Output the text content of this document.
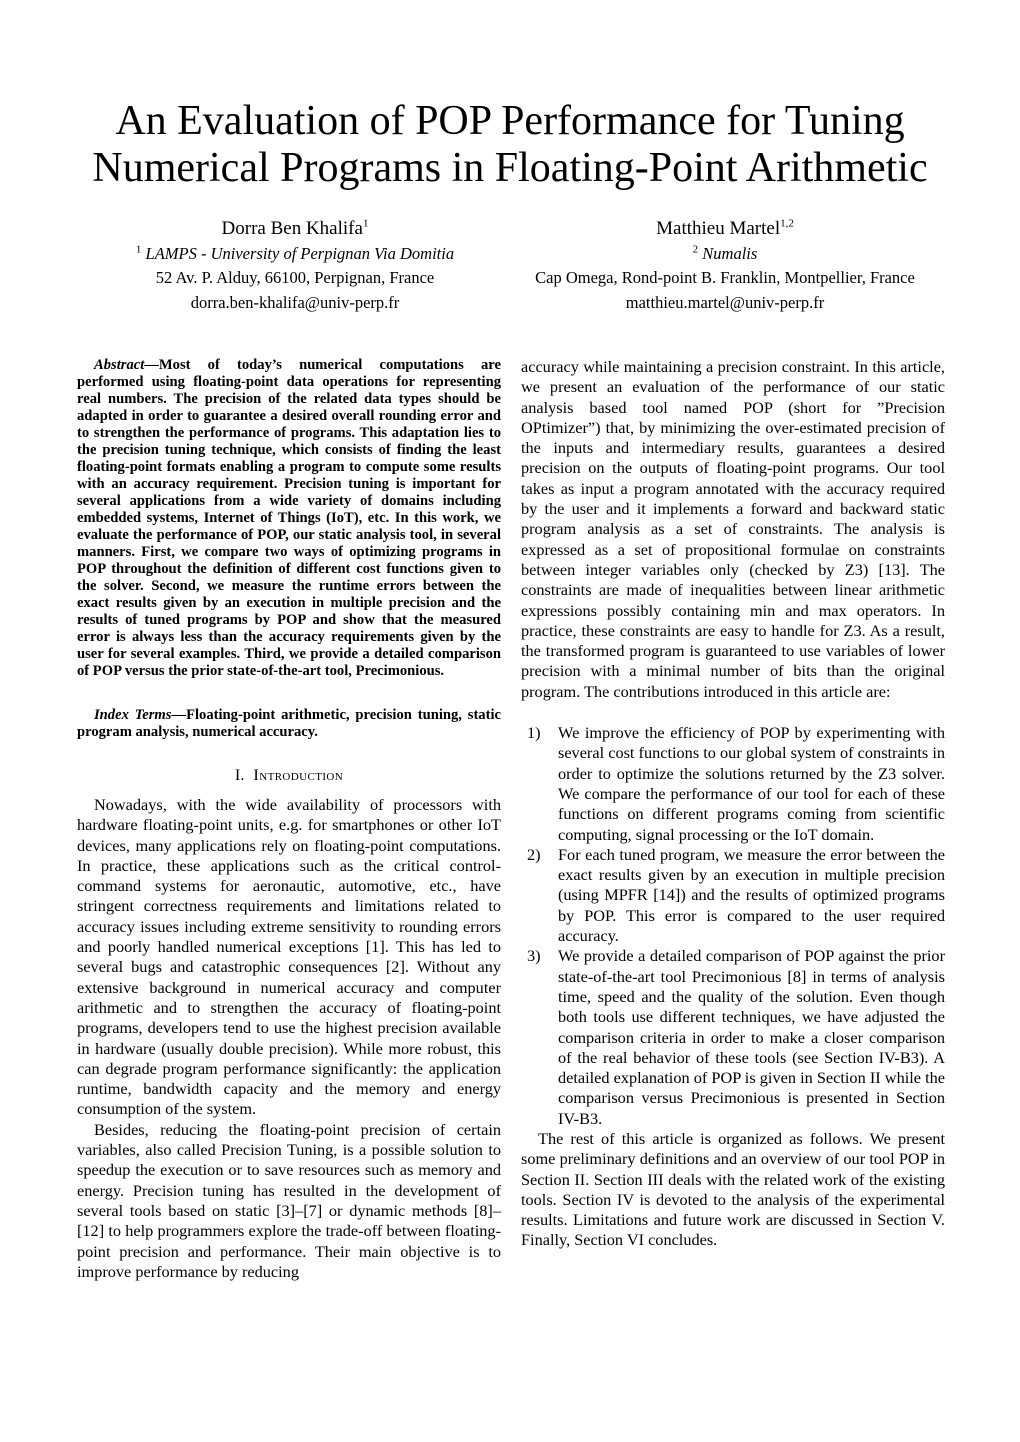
An Evaluation of POP Performance for Tuning
Numerical Programs in Floating-Point Arithmetic
Dorra Ben Khalifa$^1$
$^1$ LAMPS - University of Perpignan Via Domitia
52 Av. P. Alduy, 66100, Perpignan, France
dorra.ben-khalifa@univ-perp.fr
Matthieu Martel$^{1,2}$
$^2$ Numalis
Cap Omega, Rond-point B. Franklin, Montpellier, France
matthieu.martel@univ-perp.fr

Abstract—Most of today’s numerical computations are performed using floating-point data operations for representing real numbers. The precision of the related data types should be adapted in order to guarantee a desired overall rounding error and to strengthen the performance of programs. This adaptation lies to the precision tuning technique, which consists of finding the least floating-point formats enabling a program to compute some results with an accuracy requirement. Precision tuning is important for several applications from a wide variety of domains including embedded systems, Internet of Things (IoT), etc. In this work, we evaluate the performance of POP, our static analysis tool, in several manners. First, we compare two ways of optimizing programs in POP throughout the definition of different cost functions given to the solver. Second, we measure the runtime errors between the exact results given by an execution in multiple precision and the results of tuned programs by POP and show that the measured error is always less than the accuracy requirements given by the user for several examples. Third, we provide a detailed comparison of POP versus the prior state-of-the-art tool, Precimonious.

Index Terms—Floating-point arithmetic, precision tuning, static program analysis, numerical accuracy.

I. Introduction

Nowadays, with the wide availability of processors with hardware floating-point units, e.g. for smartphones or other IoT devices, many applications rely on floating-point computations. In practice, these applications such as the critical control-command systems for aeronautic, automotive, etc., have stringent correctness requirements and limitations related to accuracy issues including extreme sensitivity to rounding errors and poorly handled numerical exceptions [1]. This has led to several bugs and catastrophic consequences [2]. Without any extensive background in numerical accuracy and computer arithmetic and to strengthen the accuracy of floating-point programs, developers tend to use the highest precision available in hardware (usually double precision). While more robust, this can degrade program performance significantly: the application runtime, bandwidth capacity and the memory and energy consumption of the system.

Besides, reducing the floating-point precision of certain variables, also called Precision Tuning, is a possible solution to speedup the execution or to save resources such as memory and energy. Precision tuning has resulted in the development of several tools based on static [3]–[7] or dynamic methods [8]–[12] to help programmers explore the trade-off between floating-point precision and performance. Their main objective is to improve performance by reducing

accuracy while maintaining a precision constraint. In this article, we present an evaluation of the performance of our static analysis based tool named POP (short for ”Precision OPtimizer”) that, by minimizing the over-estimated precision of the inputs and intermediary results, guarantees a desired precision on the outputs of floating-point programs. Our tool takes as input a program annotated with the accuracy required by the user and it implements a forward and backward static program analysis as a set of constraints. The analysis is expressed as a set of propositional formulae on constraints between integer variables only (checked by Z3) [13]. The constraints are made of inequalities between linear arithmetic expressions possibly containing min and max operators. In practice, these constraints are easy to handle for Z3. As a result, the transformed program is guaranteed to use variables of lower precision with a minimal number of bits than the original program. The contributions introduced in this article are:

1) We improve the efficiency of POP by experimenting with several cost functions to our global system of constraints in order to optimize the solutions returned by the Z3 solver. We compare the performance of our tool for each of these functions on different programs coming from scientific computing, signal processing or the IoT domain.
2) For each tuned program, we measure the error between the exact results given by an execution in multiple precision (using MPFR [14]) and the results of optimized programs by POP. This error is compared to the user required accuracy.
3) We provide a detailed comparison of POP against the prior state-of-the-art tool Precimonious [8] in terms of analysis time, speed and the quality of the solution. Even though both tools use different techniques, we have adjusted the comparison criteria in order to make a closer comparison of the real behavior of these tools (see Section IV-B3). A detailed explanation of POP is given in Section II while the comparison versus Precimonious is presented in Section IV-B3.

The rest of this article is organized as follows. We present some preliminary definitions and an overview of our tool POP in Section II. Section III deals with the related work of the existing tools. Section IV is devoted to the analysis of the experimental results. Limitations and future work are discussed in Section V. Finally, Section VI concludes.
